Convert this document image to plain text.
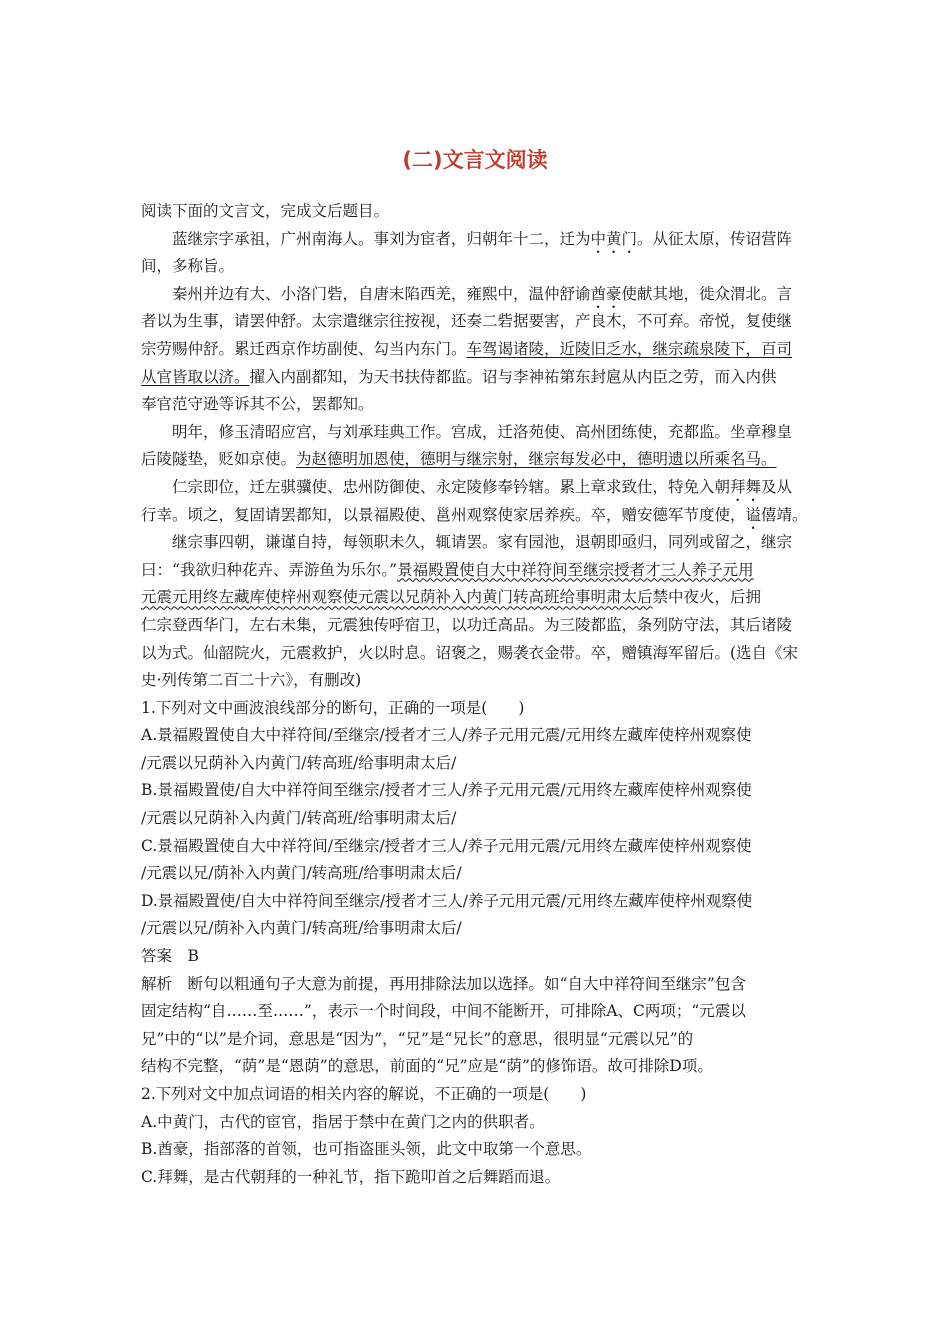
(二)文言文阅读
阅读下面的文言文，完成文后题目。
蓝继宗字承祖，广州南海人。事刘为宦者，归朝年十二，迁为中黄门。从征太原，传诏营阵
间，多称旨。
秦州并边有大、小洛门砦，自唐末陷西羌，雍熙中，温仲舒谕酋豪使献其地，徙众渭北。言
者以为生事，请罢仲舒。太宗遣继宗往按视，还奏二砦据要害，产良木，不可弃。帝悦，复使继
宗劳赐仲舒。累迁西京作坊副使、勾当内东门。车驾谒诸陵，近陵旧乏水，继宗疏泉陵下，百司
从官皆取以济。擢入内副都知，为天书扶侍都监。诏与李神祐第东封扈从内臣之劳，而入内供
奉官范守逊等诉其不公，罢都知。
明年，修玉清昭应宫，与刘承珪典工作。宫成，迁洛苑使、高州团练使，充都监。坐章穆皇
后陵隧垫，贬如京使。为赵德明加恩使，德明与继宗射，继宗每发必中，德明遗以所乘名马。
仁宗即位，迁左骐骥使、忠州防御使、永定陵修奉钤辖。累上章求致仕，特免入朝拜舞及从
行幸。顷之，复固请罢都知，以景福殿使、邕州观察使家居养疾。卒，赠安德军节度使，谥僖靖。
继宗事四朝，谦谨自持，每领职未久，辄请罢。家有园池，退朝即亟归，同列或留之，继宗
曰：“我欲归种花卉、弄游鱼为乐尔。”景福殿置使自大中祥符间至继宗授者才三人养子元用
元震元用终左藏库使梓州观察使元震以兄荫补入内黄门转高班给事明肃太后禁中夜火，后拥
仁宗登西华门，左右未集，元震独传呼宿卫，以功迁高品。为三陵都监，条列防守法，其后诸陵
以为式。仙韶院火，元震救护，火以时息。诏褒之，赐袭衣金带。卒，赠镇海军留后。(选自《宋
史·列传第二百二十六》，有删改)
1.下列对文中画波浪线部分的断句，正确的一项是(　　)
A.景福殿置使自大中祥符间/至继宗/授者才三人/养子元用元震/元用终左藏库使梓州观察使
/元震以兄荫补入内黄门/转高班/给事明肃太后/
B.景福殿置使/自大中祥符间至继宗/授者才三人/养子元用元震/元用终左藏库使梓州观察使
/元震以兄荫补入内黄门/转高班/给事明肃太后/
C.景福殿置使自大中祥符间/至继宗/授者才三人/养子元用元震/元用终左藏库使梓州观察使
/元震以兄/荫补入内黄门/转高班/给事明肃太后/
D.景福殿置使/自大中祥符间至继宗/授者才三人/养子元用元震/元用终左藏库使梓州观察使
/元震以兄/荫补入内黄门/转高班/给事明肃太后/
答案　B
解析　断句以粗通句子大意为前提，再用排除法加以选择。如“自大中祥符间至继宗”包含
固定结构“自……至……”，表示一个时间段，中间不能断开，可排除A、C两项；“元震以
兄”中的“以”是介词，意思是“因为”，“兄”是“兄长”的意思，很明显“元震以兄”的
结构不完整，“荫”是“恩荫”的意思，前面的“兄”应是“荫”的修饰语。故可排除D项。
2.下列对文中加点词语的相关内容的解说，不正确的一项是(　　)
A.中黄门，古代的宦官，指居于禁中在黄门之内的供职者。
B.酋豪，指部落的首领，也可指盗匪头领，此文中取第一个意思。
C.拜舞，是古代朝拜的一种礼节，指下跪叩首之后舞蹈而退。
